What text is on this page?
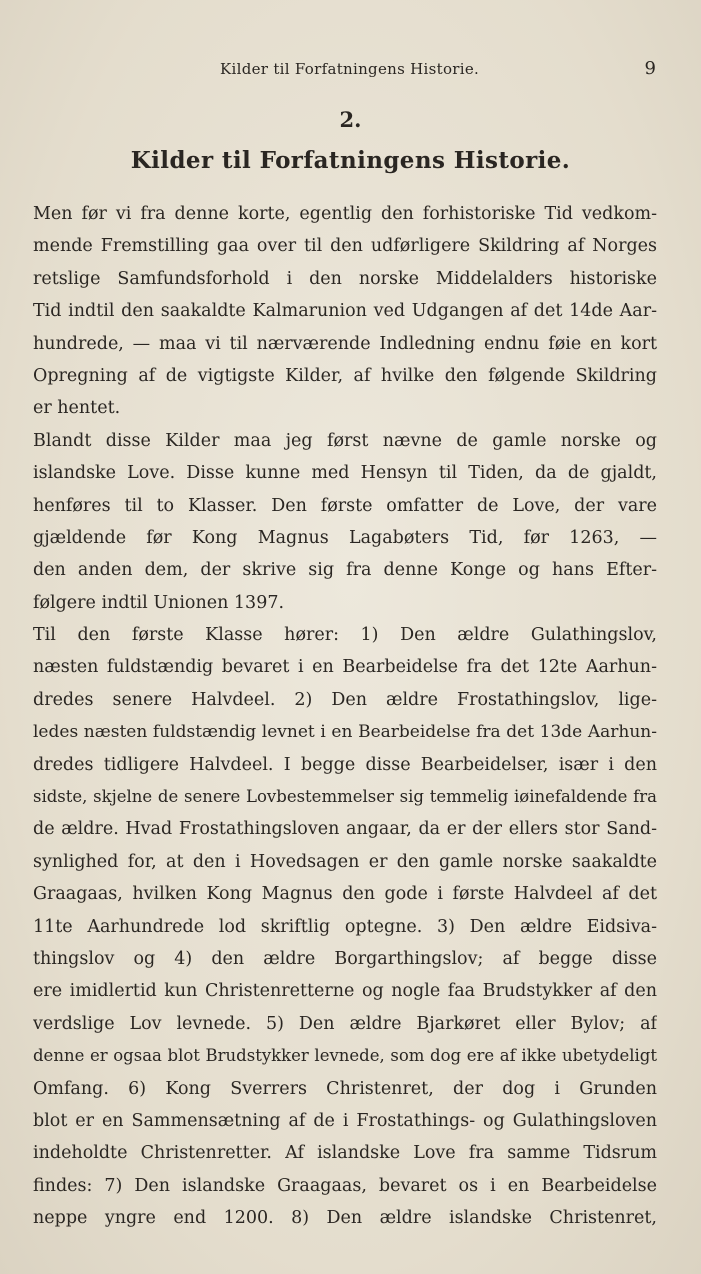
Kilder til Forfatningens Historie.	9
2.
Kilder til Forfatningens Historie.
Men før vi fra denne korte, egentlig den forhistoriske Tid vedkom-
mende Fremstilling gaa over til den udførligere Skildring af Norges
retslige Samfundsforhold i den norske Middelalders historiske
Tid indtil den saakaldte Kalmarunion ved Udgangen af det 14de Aar-
hundrede, — maa vi til nærværende Indledning endnu føie en kort
Opregning af de vigtigste Kilder, af hvilke den følgende Skildring
er hentet.
Blandt disse Kilder maa jeg først nævne de gamle norske og
islandske Love. Disse kunne med Hensyn til Tiden, da de gjaldt,
henføres til to Klasser. Den første omfatter de Love, der vare
gjældende før Kong Magnus Lagabøters Tid, før 1263, —
den anden dem, der skrive sig fra denne Konge og hans Efter-
følgere indtil Unionen 1397.
Til den første Klasse hører: 1) Den ældre Gulathingslov,
næsten fuldstændig bevaret i en Bearbeidelse fra det 12te Aarhun-
dredes senere Halvdeel. 2) Den ældre Frostathingslov, lige-
ledes næsten fuldstændig levnet i en Bearbeidelse fra det 13de Aarhun-
dredes tidligere Halvdeel. I begge disse Bearbeidelser, især i den
sidste, skjelne de senere Lovbestemmelser sig temmelig iøinefaldende fra
de ældre. Hvad Frostathingsloven angaar, da er der ellers stor Sand-
synlighed for, at den i Hovedsagen er den gamle norske saakaldte
Graagaas, hvilken Kong Magnus den gode i første Halvdeel af det
11te Aarhundrede lod skriftlig optegne. 3) Den ældre Eidsiva-
thingslov og 4) den ældre Borgarthingslov; af begge disse
ere imidlertid kun Christenretterne og nogle faa Brudstykker af den
verdslige Lov levnede. 5) Den ældre Bjarkøret eller Bylov; af
denne er ogsaa blot Brudstykker levnede, som dog ere af ikke ubetydeligt
Omfang. 6) Kong Sverrers Christenret, der dog i Grunden
blot er en Sammensætning af de i Frostathings- og Gulathingsloven
indeholdte Christenretter. Af islandske Love fra samme Tidsrum
findes: 7) Den islandske Graagaas, bevaret os i en Bearbeidelse
neppe yngre end 1200. 8) Den ældre islandske Christenret,
